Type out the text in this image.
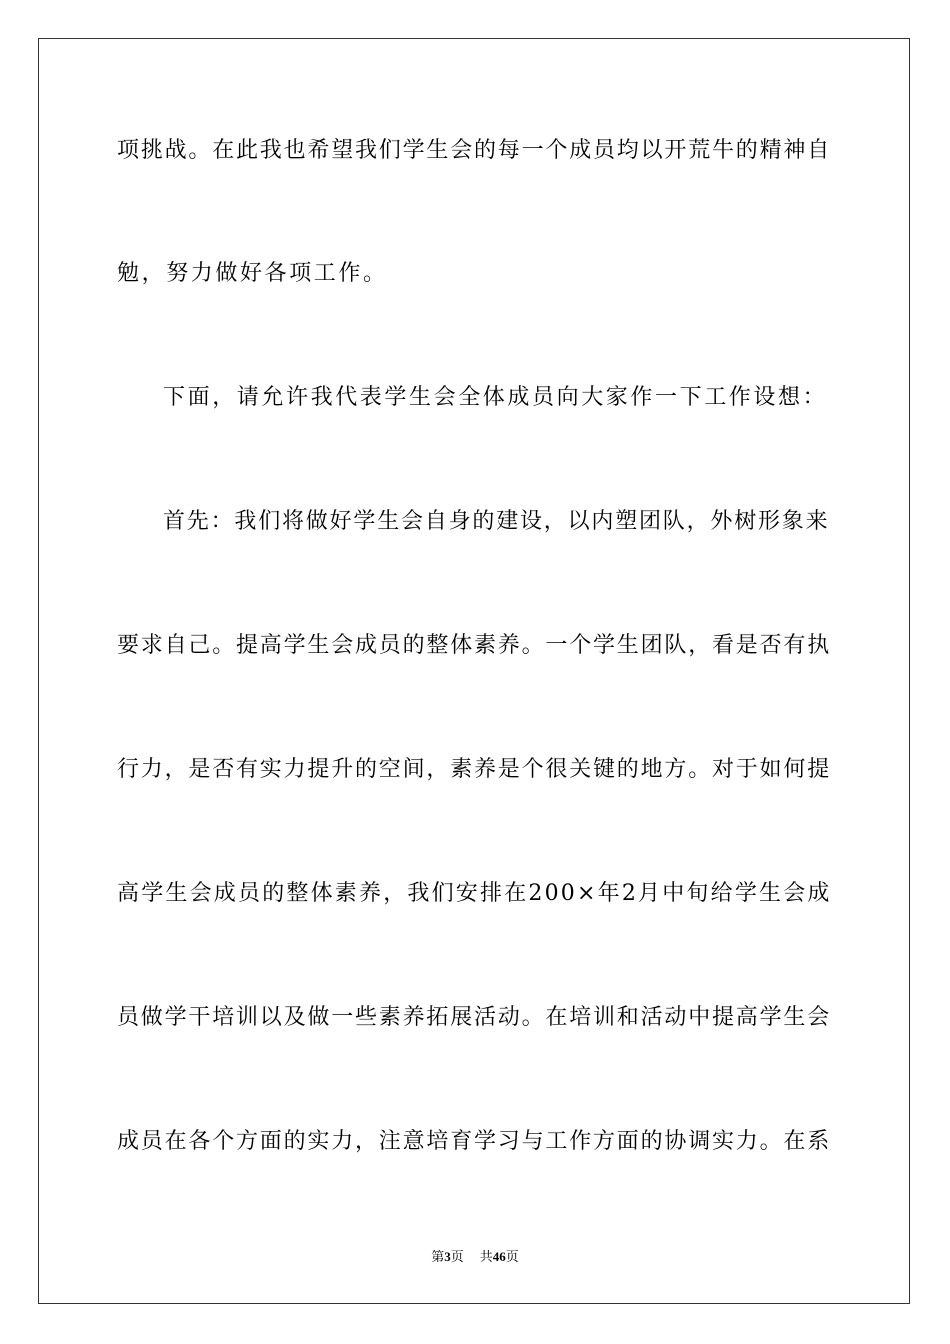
项挑战。在此我也希望我们学生会的每一个成员均以开荒牛的精神自
勉，努力做好各项工作。
下面，请允许我代表学生会全体成员向大家作一下工作设想：
首先：我们将做好学生会自身的建设，以内塑团队，外树形象来
要求自己。提高学生会成员的整体素养。一个学生团队，看是否有执
行力，是否有实力提升的空间，素养是个很关键的地方。对于如何提
高学生会成员的整体素养，我们安排在200×年2月中旬给学生会成
员做学干培训以及做一些素养拓展活动。在培训和活动中提高学生会
成员在各个方面的实力，注意培育学习与工作方面的协调实力。在系
第3页 共46页
